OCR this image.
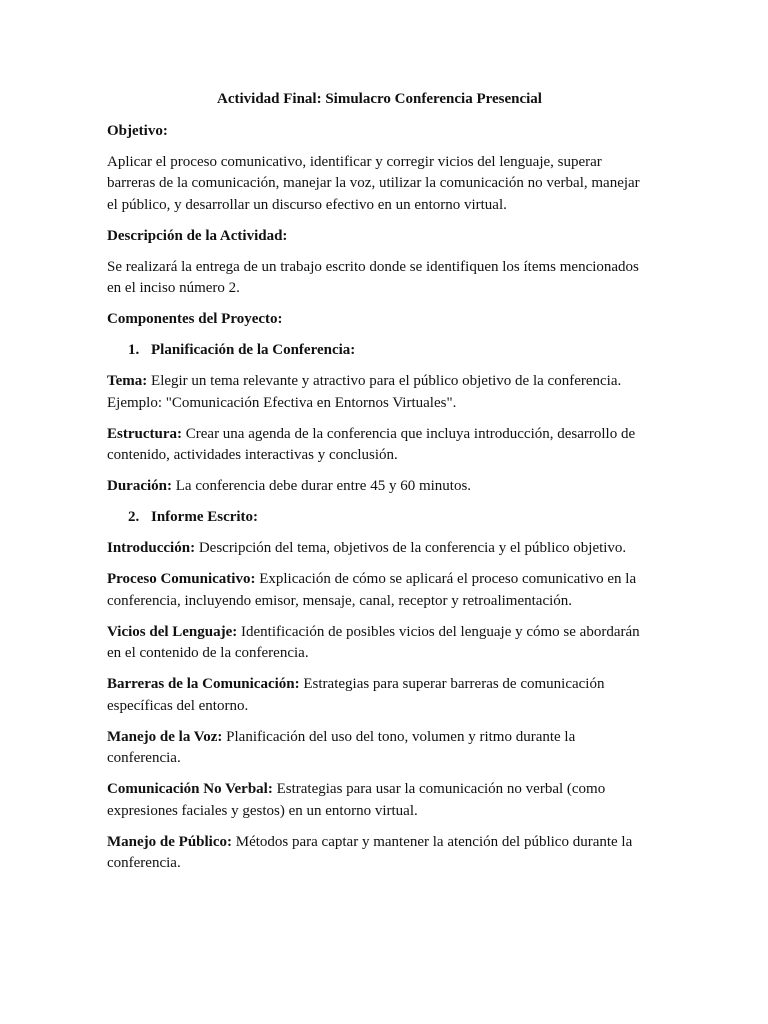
Actividad Final: Simulacro Conferencia Presencial
Objetivo:
Aplicar el proceso comunicativo, identificar y corregir vicios del lenguaje, superar barreras de la comunicación, manejar la voz, utilizar la comunicación no verbal, manejar el público, y desarrollar un discurso efectivo en un entorno virtual.
Descripción de la Actividad:
Se realizará la entrega de un trabajo escrito donde se identifiquen los ítems mencionados en el inciso número 2.
Componentes del Proyecto:
1. Planificación de la Conferencia:
Tema: Elegir un tema relevante y atractivo para el público objetivo de la conferencia. Ejemplo: "Comunicación Efectiva en Entornos Virtuales".
Estructura: Crear una agenda de la conferencia que incluya introducción, desarrollo de contenido, actividades interactivas y conclusión.
Duración: La conferencia debe durar entre 45 y 60 minutos.
2. Informe Escrito:
Introducción: Descripción del tema, objetivos de la conferencia y el público objetivo.
Proceso Comunicativo: Explicación de cómo se aplicará el proceso comunicativo en la conferencia, incluyendo emisor, mensaje, canal, receptor y retroalimentación.
Vicios del Lenguaje: Identificación de posibles vicios del lenguaje y cómo se abordarán en el contenido de la conferencia.
Barreras de la Comunicación: Estrategias para superar barreras de comunicación específicas del entorno.
Manejo de la Voz: Planificación del uso del tono, volumen y ritmo durante la conferencia.
Comunicación No Verbal: Estrategias para usar la comunicación no verbal (como expresiones faciales y gestos) en un entorno virtual.
Manejo de Público: Métodos para captar y mantener la atención del público durante la conferencia.
